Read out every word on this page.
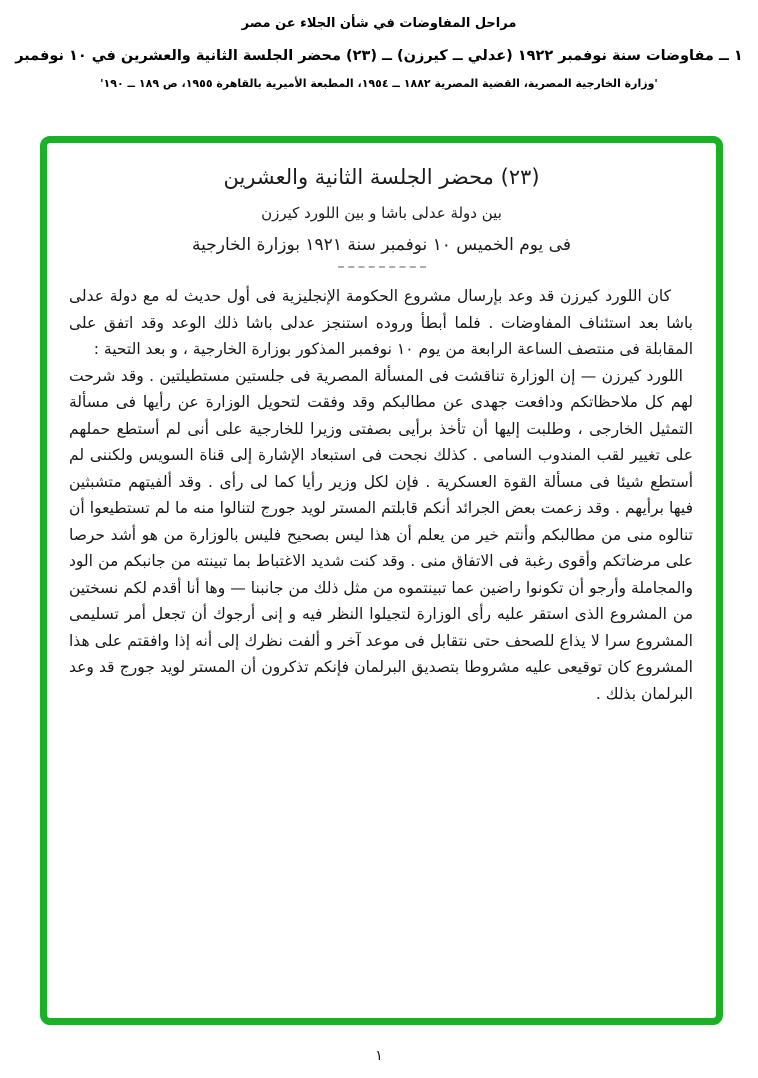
مراحل المفاوضات في شأن الجلاء عن مصر
١ ــ مفاوضات سنة نوفمبر ١٩٢٢ (عدلي ــ كيرزن) ــ (٢٣) محضر الجلسة الثانية والعشرين في ١٠ نوفمبر
'وزارة الخارجية المصرية، القضية المصرية ١٨٨٢ ــ ١٩٥٤، المطبعة الأميرية بالقاهرة ١٩٥٥، ص ١٨٩ ــ ١٩٠'
(٢٣) محضر الجلسة الثانية والعشرين
بين دولة عدلى باشا و بين اللورد كيرزن
فى يوم الخميس ١٠ نوفمبر سنة ١٩٢١ بوزارة الخارجية

كان اللورد كيرزن قد وعد بإرسال مشروع الحكومة الإنجليزية فى أول حديث له مع دولة عدلى باشا بعد استئناف المفاوضات . فلما أبطأ وروده استنجز عدلى باشا ذلك الوعد وقد اتفق على المقابلة فى منتصف الساعة الرابعة من يوم ١٠ نوفمبر المذكور بوزارة الخارجية ، و بعد التحية :

اللورد كيرزن — إن الوزارة تناقشت فى المسألة المصرية فى جلستين مستطيلتين . وقد شرحت لهم كل ملاحظاتكم ودافعت جهدى عن مطالبكم وقد وفقت لتحويل الوزارة عن رأيها فى مسألة التمثيل الخارجى ، وطلبت إليها أن تأخذ برأيى بصفتى وزيرا للخارجية على أنى لم أستطع حملهم على تغيير لقب المندوب السامى . كذلك نجحت فى استبعاد الإشارة إلى قناة السويس ولكننى لم أستطع شيئا فى مسألة القوة العسكرية . فإن لكل وزير رأيا كما لى رأى . وقد ألفيتهم متشبثين فيها برأيهم . وقد زعمت بعض الجرائد أنكم قابلتم المستر لويد جورج لتنالوا منه ما لم تستطيعوا أن تنالوه منى من مطالبكم وأنتم خير من يعلم أن هذا ليس بصحيح فليس بالوزارة من هو أشد حرصا على مرضاتكم وأقوى رغبة فى الاتفاق منى . وقد كنت شديد الاغتباط بما تبينته من جانبكم من الود والمجاملة وأرجو أن تكونوا راضين عما تبينتموه من مثل ذلك من جانبنا — وها أنا أقدم لكم نسختين من المشروع الذى استقر عليه رأى الوزارة لتجيلوا النظر فيه و إنى أرجوك أن تجعل أمر تسليمى المشروع سرا لا يذاع للصحف حتى نتقابل فى موعد آخر و ألفت نظرك إلى أنه إذا وافقتم على هذا المشروع كان توقيعى عليه مشروطا بتصديق البرلمان فإنكم تذكرون أن المستر لويد جورج قد وعد البرلمان بذلك .

١
